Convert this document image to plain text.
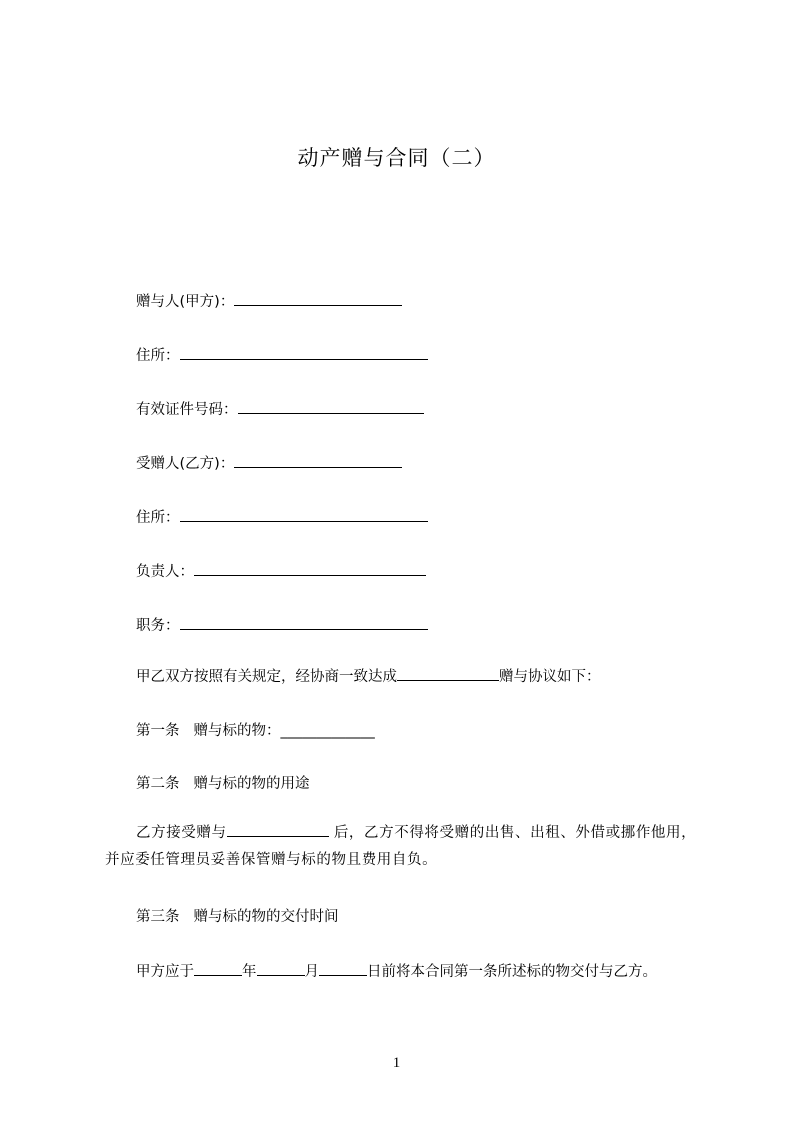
动产赠与合同（二）
赠与人(甲方)：
住所：
有效证件号码：
受赠人(乙方)：
住所：
负责人：
职务：
甲乙双方按照有关规定，经协商一致达成	赠与协议如下：
第一条 赠与标的物：_____________
第二条 赠与标的物的用途
乙方接受赠与	后，乙方不得将受赠的出售、出租、外借或挪作他用，并应委任管理员妥善保管赠与标的物且费用自负。
第三条 赠与标的物的交付时间
甲方应于	年	月	日前将本合同第一条所述标的物交付与乙方。
1
